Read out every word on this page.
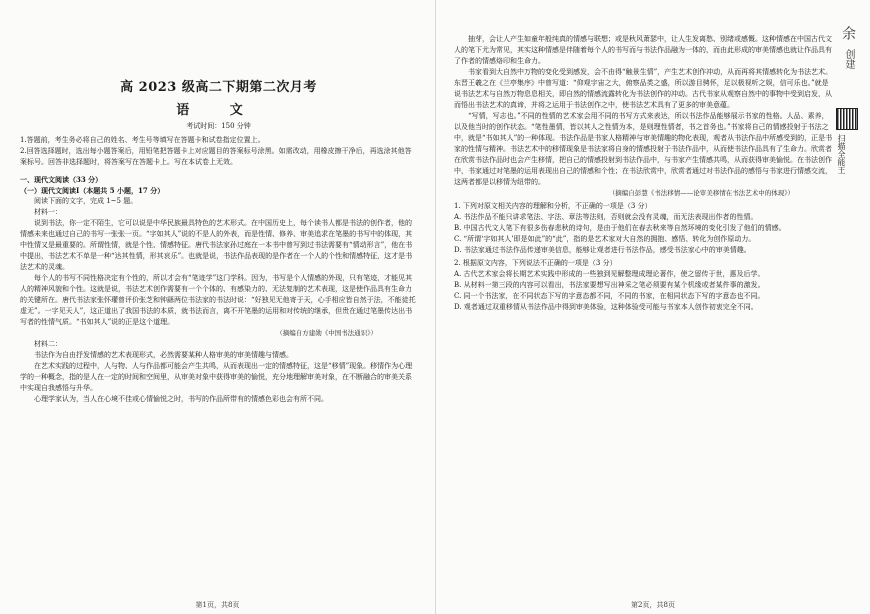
高 2023 级高二下期第二次月考
语 文
考试时间：150 分钟

1.答题前，考生务必将自己的姓名、考生号等填写在答题卡和试卷指定位置上。

2.回答选择题时，选出每小题答案后，用铅笔把答题卡上对应题目的答案标号涂黑。如需改动，用橡皮擦干净后，再选涂其他答案标号。回答非选择题时，将答案写在答题卡上。写在本试卷上无效。

一、现代文阅读（33 分）

（一）现代文阅读Ⅰ（本题共 5 小题，17 分）

阅读下面的文字，完成 1~5 题。

材料一：

说到书法，你一定不陌生，它可以说是中华民族最具特色的艺术形式。在中国历史上，每个读书人都是书法的创作者，他的情感未来也通过自己的书写一张张一页。“字如其人”说的不是人的外表，而是性情、修养、审美追求在笔墨的书写中的体现，其中性情又是最重要的。所谓性情，就是个性、情感特征。唐代书法家孙过庭在一本书中曾写到过书法需要有“情动形言”，他在书中提出，书法艺术不单是一种“达其性情，形其哀乐”。也就是说，书法作品表现的是作者在一个人的个性和情感特征，这才是书法艺术的灵魂。

每个人的书写不同性格决定有个性的，所以才会有“笔迹学”这门学科。因为，书写是个人情感的外现，只有笔迹，才能见其人的精神风貌和个性。这就是说，书法艺术创作需要有一个个体的、有感染力的、无法复制的艺术表现，这是使作品具有生命力的关键所在。唐代书法家张怀瓘曾评价张芝和钟繇两位书法家的书法时说：“好独见无他寄于天，心手相应皆自然于法，不能徒托虚无”。一字见天人”，这正道出了我国书法的本质，就书法而言，离不开笔墨的运用和对传统的继承，但贵在通过笔墨传达出书写者的性情气质。“书如其人”说的正是这个道理。

（摘编自方建勋《中国书法通识》）

材料二：

书法作为自由抒发情感的艺术表现形式，必然需要某种人格审美的审美情趣与情感。

在艺术实践的过程中，人与物、人与作品都可能会产生共鸣，从而表现出一定的情感特征，这是“移情”现象。移情作为心理学的一种概念，指的是人在一定的时间和空间里，从审美对象中获得审美的愉悦，充分地理解审美对象，在不断融合的审美关系中实现自我感悟与升华。

心理学家认为，当人在心境不佳或心情愉悦之时，书写的作品所带有的情感色彩也会有所不同。

第1页，共8页

抽芽，会让人产生如童年般纯真的情感与联想；或是秋风萧瑟中，让人生发离愁、别绪或感慨。这种情感在中国古代文人的笔下尤为常见，其实这种情感是伴随着每个人的书写而与书法作品融为一体的，而由此形成的审美情感也就让作品具有了作者的情感烙印和生命力。

书家看到大自然中万物的变化受到感发，会不由得“触景生情”，产生艺术创作冲动，从而再将其情感转化为书法艺术。东晋王羲之在《兰亭集序》中曾写道：“仰观宇宙之大，俯察品类之盛，所以游目骋怀，足以极视听之娱，信可乐也。”就是说书法艺术与自然万物息息相关，即自然的情感流露转化为书法创作的冲动。古代书家从观察自然中的事物中受到启发，从而悟出书法艺术的真谛，并将之运用于书法创作之中，使书法艺术具有了更多的审美意蕴。

“写情，写志也。”不同的性情的艺术家会用不同的书写方式来表达，所以书法作品能够展示书家的性格。人品、素养，以及他当时的创作状态。“笔性墨情，皆以其人之性情为本，是则理性情者，书之首务也。”书家将自己的情感投射于书法之中，就是“书如其人”的一种体现。书法作品是书家人格精神与审美情趣的物化表现，观者从书法作品中所感受到的，正是书家的性情与精神。书法艺术中的移情现象是书法家将自身的情感投射于书法作品中，从而使书法作品具有了生命力。欣赏者在欣赏书法作品时也会产生移情，把自己的情感投射到书法作品中，与书家产生情感共鸣，从而获得审美愉悦。在书法创作中，书家通过对笔墨的运用表现出自己的情感和个性；在书法欣赏中，欣赏者通过对书法作品的感悟与书家进行情感交流，这两者都是以移情为纽带的。

（摘编自彭慧《书法移情——论审美移情在书法艺术中的体现》）

1. 下列对原文相关内容的理解和分析，不正确的一项是（3 分）

A. 书法作品不能只讲求笔法、字法、章法等法则，否则就会没有灵魂，而无法表现出作者的性情。

B. 中国古代文人笔下有很多伤春悲秋的诗句，是由于他们在春去秋来等自然环境的变化引发了他们的情感。

C. “所谓‘字如其人’即是如此”的“此”，指的是艺术家对大自然的拥抱、感悟、转化为创作原动力。

D. 书法家通过书法作品传递审美信息，能够让观者进行书法作品，感受书法家心中的审美情趣。

2. 根据原文内容，下列说法不正确的一项是（3 分）

A. 古代艺术家会将长期艺术实践中形成的一些独到见解整理成理论著作，使之留传于世，惠及后学。

B. 从材料一第三段的内容可以看出，书法家要想写出神采之笔必须要有某个机缘或者某件事的激发。

C. 同一个书法家，在不同状态下写的字意态都不同，不同的书家，在相同状态下写的字意态也不同。

D. 观者通过双重移情从书法作品中得到审美体验，这种体验受可能与书家本人创作初衷完全不同。

第2页，共8页
余 创建
扫描全能王
